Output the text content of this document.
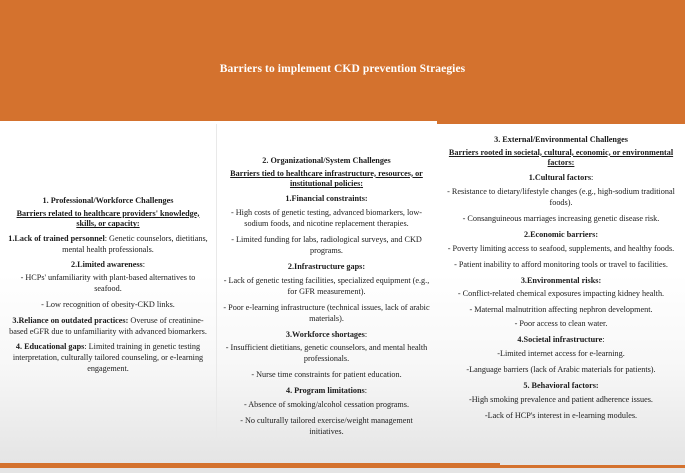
Barriers to implement CKD prevention Straegies
1. Professional/Workforce Challenges
Barriers related to healthcare providers' knowledge, skills, or capacity:
1.Lack of trained personnel: Genetic counselors, dietitians, mental health professionals.
2.Limited awareness:
- HCPs' unfamiliarity with plant-based alternatives to seafood.
- Low recognition of obesity-CKD links.
3.Reliance on outdated practices: Overuse of creatinine-based eGFR due to unfamiliarity with advanced biomarkers.
4. Educational gaps: Limited training in genetic testing interpretation, culturally tailored counseling, or e-learning engagement.
2. Organizational/System Challenges
Barriers tied to healthcare infrastructure, resources, or institutional policies:
1.Financial constraints:
- High costs of genetic testing, advanced biomarkers, low-sodium foods, and nicotine replacement therapies.
- Limited funding for labs, radiological surveys, and CKD programs.
2.Infrastructure gaps:
- Lack of genetic testing facilities, specialized equipment (e.g., for GFR measurement).
- Poor e-learning infrastructure (technical issues, lack of arabic materials).
3.Workforce shortages:
- Insufficient dietitians, genetic counselors, and mental health professionals.
- Nurse time constraints for patient education.
4. Program limitations:
- Absence of smoking/alcohol cessation programs.
- No culturally tailored exercise/weight management initiatives.
3. External/Environmental Challenges
Barriers rooted in societal, cultural, economic, or environmental factors:
1.Cultural factors:
- Resistance to dietary/lifestyle changes (e.g., high-sodium traditional foods).
- Consanguineous marriages increasing genetic disease risk.
2.Economic barriers:
- Poverty limiting access to seafood, supplements, and healthy foods.
- Patient inability to afford monitoring tools or travel to facilities.
3.Environmental risks:
- Conflict-related chemical exposures impacting kidney health.
- Maternal malnutrition affecting nephron development.
- Poor access to clean water.
4.Societal infrastructure:
-Limited internet access for e-learning.
-Language barriers (lack of Arabic materials for patients).
5. Behavioral factors:
-High smoking prevalence and patient adherence issues.
-Lack of HCP's interest in e-learning modules.
